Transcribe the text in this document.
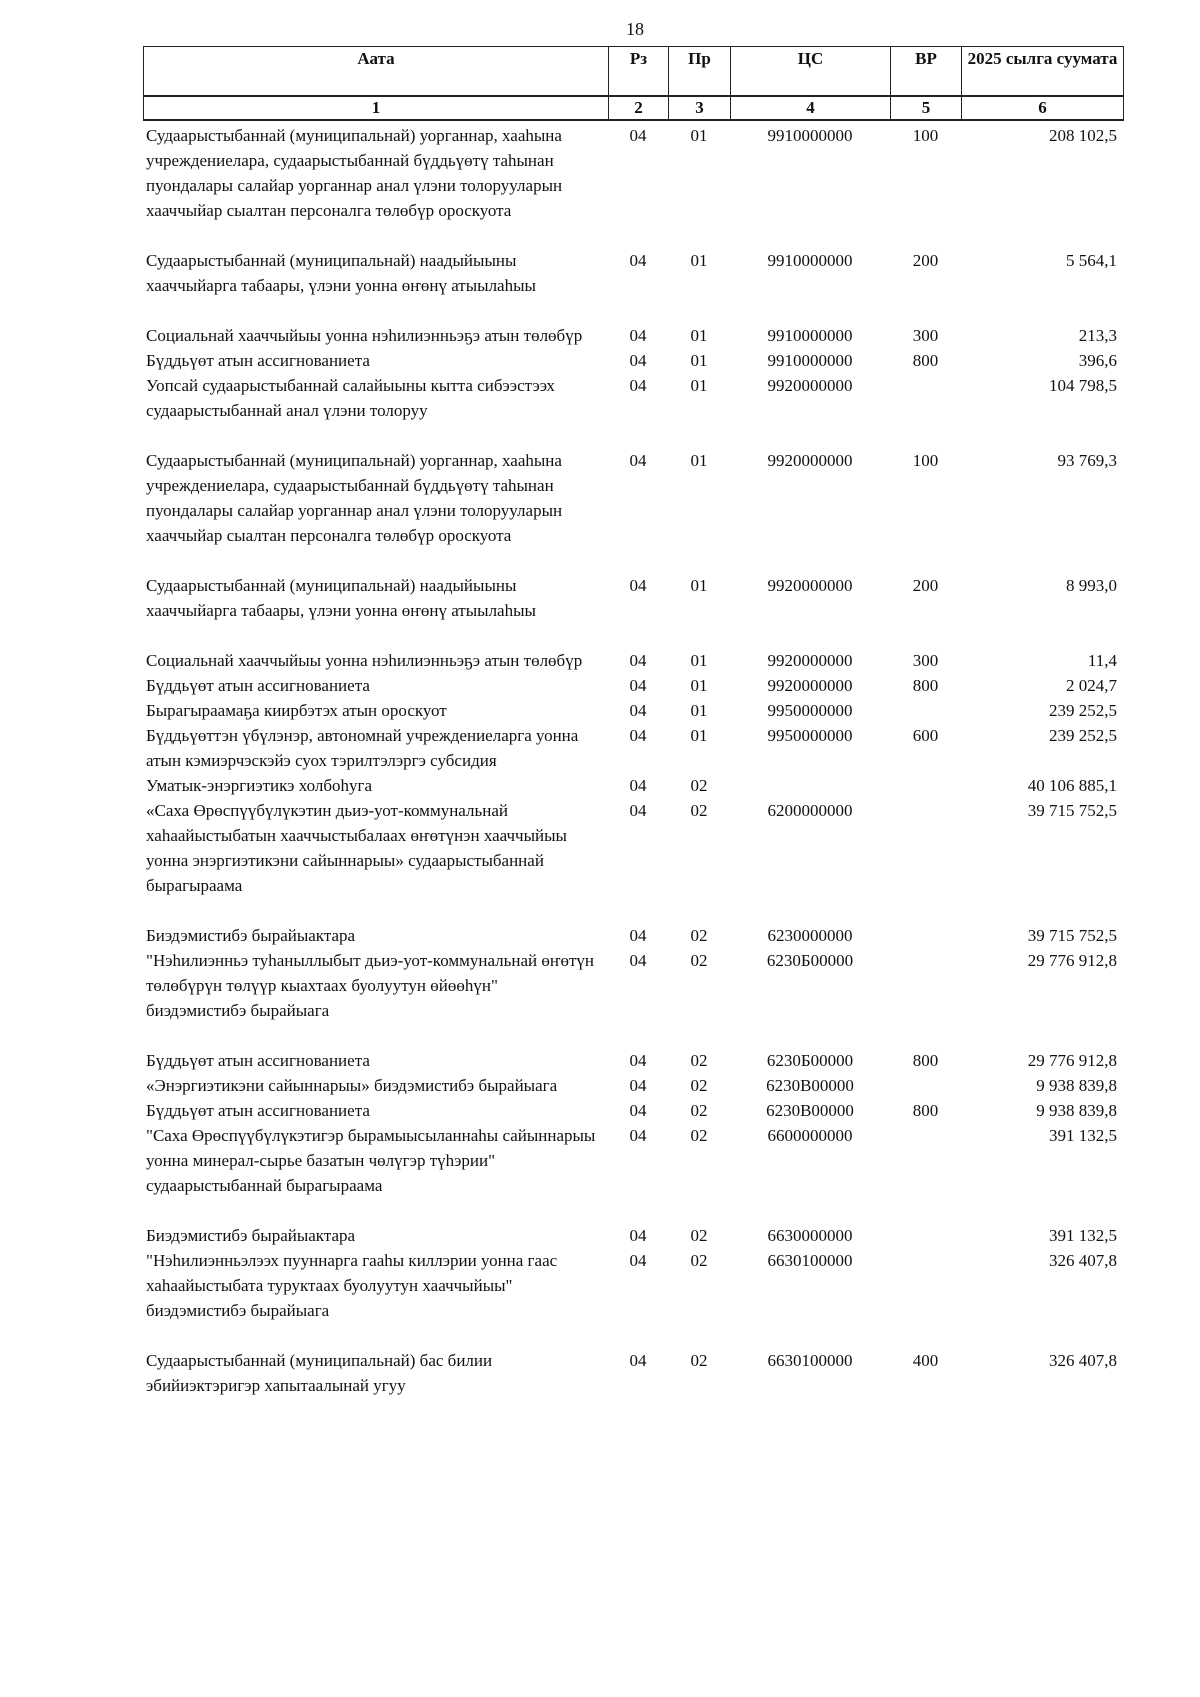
18
Аата	Рз	Пр	ЦС	ВР	2025 сылга суумата
1	2	3	4	5	6
Судаарыстыбаннай (муниципальнай) уорганнар, хааһына учреждениелара, судаарыстыбаннай бүддьүөтү таһынан пуондалары салайар уорганнар анал үлэни толорууларын хааччыйар сыалтан персоналга төлөбүр ороскуота	04	01	9910000000	100	208 102,5
Судаарыстыбаннай (муниципальнай) наадыйыыны хааччыйарга табаары, үлэни уонна өҥөнү атыылаһыы	04	01	9910000000	200	5 564,1
Социальнай хааччыйыы уонна нэһилиэнньэҕэ атын төлөбүр	04	01	9910000000	300	213,3
Бүддьүөт атын ассигнованиета	04	01	9910000000	800	396,6
Уопсай судаарыстыбаннай салайыыны кытта сибээстээх судаарыстыбаннай анал үлэни толоруу	04	01	9920000000		104 798,5
Судаарыстыбаннай (муниципальнай) уорганнар, хааһына учреждениелара, судаарыстыбаннай бүддьүөтү таһынан пуондалары салайар уорганнар анал үлэни толорууларын хааччыйар сыалтан персоналга төлөбүр ороскуота	04	01	9920000000	100	93 769,3
Судаарыстыбаннай (муниципальнай) наадыйыыны хааччыйарга табаары, үлэни уонна өҥөнү атыылаһыы	04	01	9920000000	200	8 993,0
Социальнай хааччыйыы уонна нэһилиэнньэҕэ атын төлөбүр	04	01	9920000000	300	11,4
Бүддьүөт атын ассигнованиета	04	01	9920000000	800	2 024,7
Бырагыраамаҕа киирбэтэх атын ороскуот	04	01	9950000000		239 252,5
Бүддьүөттэн үбүлэнэр, автономнай учреждениеларга уонна атын кэмиэрчэскэйэ суох тэрилтэлэргэ субсидия	04	01	9950000000	600	239 252,5
Уматык-энэргиэтикэ холбоһуга	04	02			40 106 885,1
«Саха Өрөспүүбүлүкэтин дьиэ-уот-коммунальнай хаһаайыстыбатын хааччыстыбалаах өҥөтүнэн хааччыйыы уонна энэргиэтикэни сайыннарыы» судаарыстыбаннай бырагыраама	04	02	6200000000		39 715 752,5
Биэдэмистибэ бырайыактара	04	02	6230000000		39 715 752,5
"Нэһилиэнньэ туһаныллыбыт дьиэ-уот-коммунальнай өҥөтүн төлөбүрүн төлүүр кыахтаах буолуутун өйөөһүн" биэдэмистибэ бырайыага	04	02	6230Б00000		29 776 912,8
Бүддьүөт атын ассигнованиета	04	02	6230Б00000	800	29 776 912,8
«Энэргиэтикэни сайыннарыы» биэдэмистибэ бырайыага	04	02	6230В00000		9 938 839,8
Бүддьүөт атын ассигнованиета	04	02	6230В00000	800	9 938 839,8
"Саха Өрөспүүбүлүкэтигэр бырамыысыланнаһы сайыннарыы уонна минерал-сырье базатын чөлүгэр түһэрии" судаарыстыбаннай бырагыраама	04	02	6600000000		391 132,5
Биэдэмистибэ бырайыактара	04	02	6630000000		391 132,5
"Нэһилиэнньэлээх пууннарга гааһы киллэрии уонна гаас хаһаайыстыбата туруктаах буолуутун хааччыйыы" биэдэмистибэ бырайыага	04	02	6630100000		326 407,8
Судаарыстыбаннай (муниципальнай) бас билии эбийиэктэригэр хапытаалынай угуу	04	02	6630100000	400	326 407,8
